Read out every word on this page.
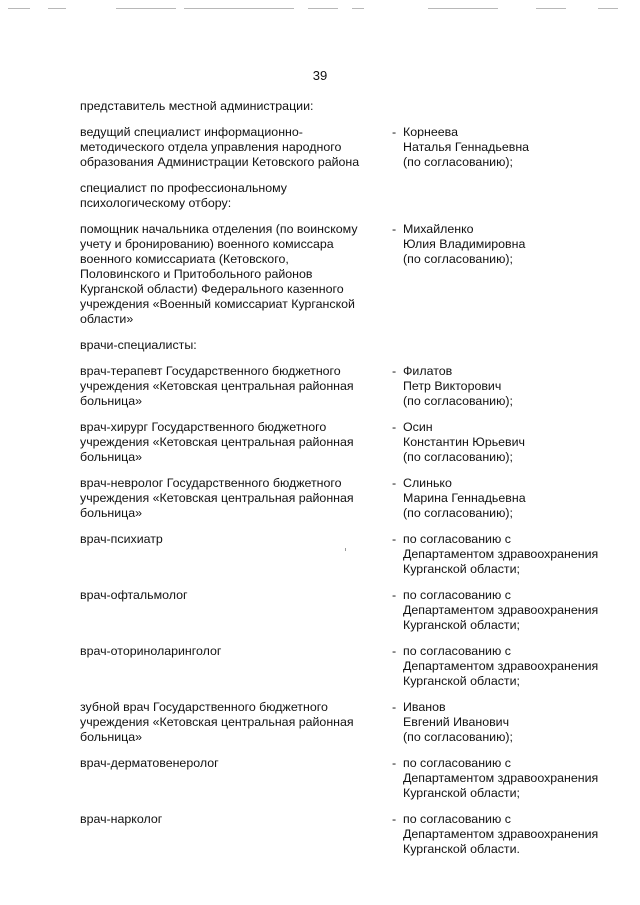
39
представитель местной администрации:
ведущий специалист информационно-
методического отдела управления народного
образования Администрации Кетовского района
- Корнеева
Наталья Геннадьевна
(по согласованию);
специалист по профессиональному
психологическому отбору:
помощник начальника отделения (по воинскому
учету и бронированию) военного комиссара
военного комиссариата (Кетовского,
Половинского и Притобольного районов
Курганской области) Федерального казенного
учреждения «Военный комиссариат Курганской
области»
- Михайленко
Юлия Владимировна
(по согласованию);
врачи-специалисты:
врач-терапевт Государственного бюджетного
учреждения «Кетовская центральная районная
больница»
- Филатов
Петр Викторович
(по согласованию);
врач-хирург Государственного бюджетного
учреждения «Кетовская центральная районная
больница»
- Осин
Константин Юрьевич
(по согласованию);
врач-невролог Государственного бюджетного
учреждения «Кетовская центральная районная
больница»
- Слинько
Марина Геннадьевна
(по согласованию);
врач-психиатр	- по согласованию с
Департаментом здравоохранения
Курганской области;
врач-офтальмолог	- по согласованию с
Департаментом здравоохранения
Курганской области;
врач-оториноларинголог	- по согласованию с
Департаментом здравоохранения
Курганской области;
зубной врач Государственного бюджетного
учреждения «Кетовская центральная районная
больница»
- Иванов
Евгений Иванович
(по согласованию);
врач-дерматовенеролог	- по согласованию с
Департаментом здравоохранения
Курганской области;
врач-нарколог	- по согласованию с
Департаментом здравоохранения
Курганской области.
